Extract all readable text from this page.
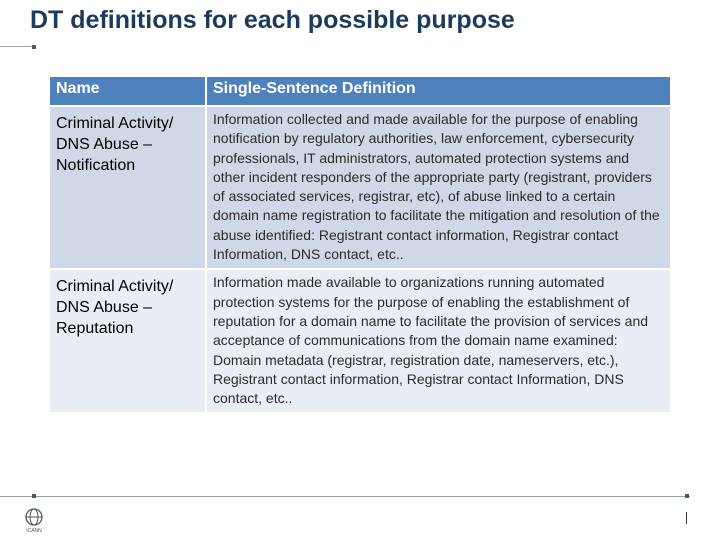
DT definitions for each possible purpose
Name	Single-Sentence Definition
Criminal Activity/ DNS Abuse – Notification	Information collected and made available for the purpose of enabling notification by regulatory authorities, law enforcement, cybersecurity professionals, IT administrators, automated protection systems and other incident responders of the appropriate party (registrant, providers of associated services, registrar, etc), of abuse linked to a certain domain name registration to facilitate the mitigation and resolution of the abuse identified: Registrant contact information, Registrar contact Information, DNS contact, etc..
Criminal Activity/ DNS Abuse – Reputation	Information made available to organizations running automated protection systems for the purpose of enabling the establishment of reputation for a domain name to facilitate the provision of services and acceptance of communications from the domain name examined: Domain metadata (registrar, registration date, nameservers, etc.), Registrant contact information, Registrar contact Information, DNS contact, etc..
ICANN
